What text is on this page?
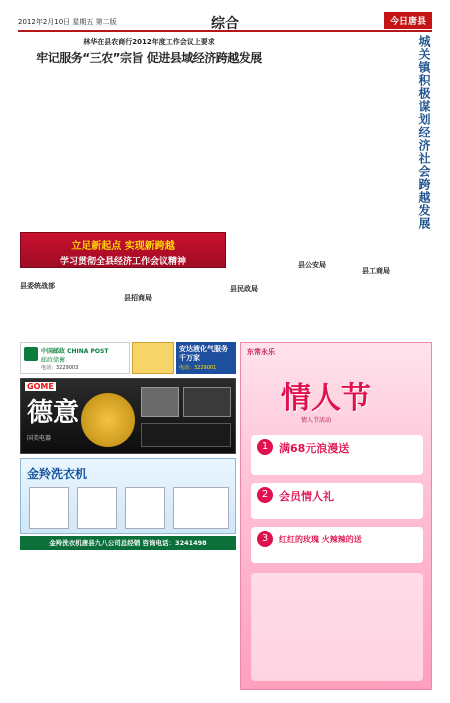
2012年2月10日 星期五 第二版	综合	今日唐县
林华在县农商行2012年度工作会议上要求
牢记服务“三农”宗旨 促进县域经济跨越发展	城关镇积极谋划经济社会跨越发展
立足新起点 实现新跨越
学习贯彻全县经济工作会议精神
县委统战部
县招商局
县民政局
县公安局
县工商局
中国邮政 CHINA POST
邮政储蓄
电话：3229003
安达液化气服务千万家
电话：3229001
GOME
德意
国美电器
金羚洗衣机
金羚洗衣机唐县九八公司总经销 咨询电话：3241498
东常永乐
情人节
情人节活动
1 满68元浪漫送
2 会员情人礼
3	红红的玫瑰 火辣辣的送
